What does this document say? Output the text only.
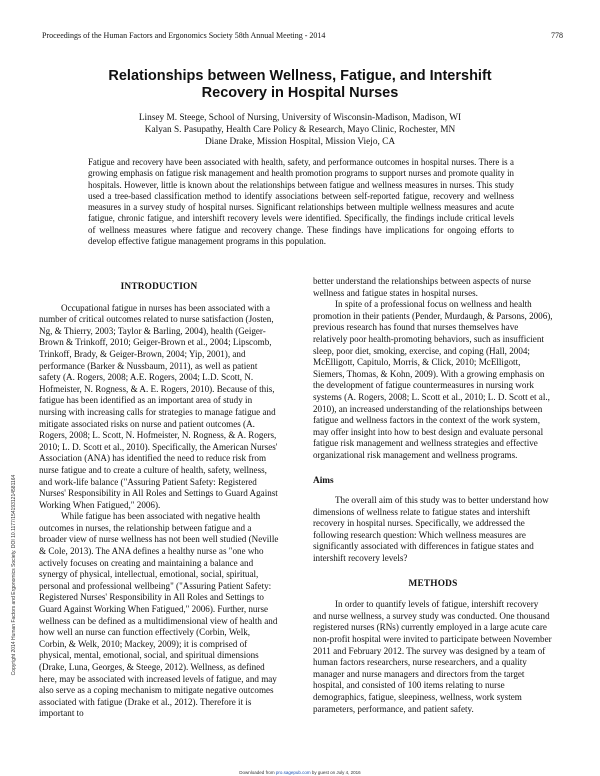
Proceedings of the Human Factors and Ergonomics Society 58th Annual Meeting - 2014	778
Relationships between Wellness, Fatigue, and Intershift
Recovery in Hospital Nurses
Linsey M. Steege, School of Nursing, University of Wisconsin-Madison, Madison, WI
Kalyan S. Pasupathy, Health Care Policy & Research, Mayo Clinic, Rochester, MN
Diane Drake, Mission Hospital, Mission Viejo, CA

Fatigue and recovery have been associated with health, safety, and performance outcomes in hospital nurses. There is a growing emphasis on fatigue risk management and health promotion programs to support nurses and promote quality in hospitals. However, little is known about the relationships between fatigue and wellness measures in nurses. This study used a tree-based classification method to identify associations between self-reported fatigue, recovery and wellness measures in a survey study of hospital nurses. Significant relationships between multiple wellness measures and acute fatigue, chronic fatigue, and intershift recovery levels were identified. Specifically, the findings include critical levels of wellness measures where fatigue and recovery change. These findings have implications for ongoing efforts to develop effective fatigue management programs in this population.

Copyright 2014 Human Factors and Ergonomics Society. DOI 10.1177/1541931214581164
INTRODUCTION

Occupational fatigue in nurses has been associated with a number of critical outcomes related to nurse satisfaction (Josten, Ng, & Thierry, 2003; Taylor & Barling, 2004), health (Geiger-Brown & Trinkoff, 2010; Geiger-Brown et al., 2004; Lipscomb, Trinkoff, Brady, & Geiger-Brown, 2004; Yip, 2001), and performance (Barker & Nussbaum, 2011), as well as patient safety (A. Rogers, 2008; A.E. Rogers, 2004; L.D. Scott, N. Hofmeister, N. Rogness, & A. E. Rogers, 2010). Because of this, fatigue has been identified as an important area of study in nursing with increasing calls for strategies to manage fatigue and mitigate associated risks on nurse and patient outcomes (A. Rogers, 2008; L. Scott, N. Hofmeister, N. Rogness, & A. Rogers, 2010; L. D. Scott et al., 2010). Specifically, the American Nurses' Association (ANA) has identified the need to reduce risk from nurse fatigue and to create a culture of health, safety, wellness, and work-life balance ("Assuring Patient Safety: Registered Nurses' Responsibility in All Roles and Settings to Guard Against Working When Fatigued," 2006).

While fatigue has been associated with negative health outcomes in nurses, the relationship between fatigue and a broader view of nurse wellness has not been well studied (Neville & Cole, 2013). The ANA defines a healthy nurse as "one who actively focuses on creating and maintaining a balance and synergy of physical, intellectual, emotional, social, spiritual, personal and professional wellbeing" ("Assuring Patient Safety: Registered Nurses' Responsibility in All Roles and Settings to Guard Against Working When Fatigued," 2006). Further, nurse wellness can be defined as a multidimensional view of health and how well an nurse can function effectively (Corbin, Welk, Corbin, & Welk, 2010; Mackey, 2009); it is comprised of physical, mental, emotional, social, and spiritual dimensions (Drake, Luna, Georges, & Steege, 2012). Wellness, as defined here, may be associated with increased levels of fatigue, and may also serve as a coping mechanism to mitigate negative outcomes associated with fatigue (Drake et al., 2012). Therefore it is important to

better understand the relationships between aspects of nurse wellness and fatigue states in hospital nurses.

In spite of a professional focus on wellness and health promotion in their patients (Pender, Murdaugh, & Parsons, 2006), previous research has found that nurses themselves have relatively poor health-promoting behaviors, such as insufficient sleep, poor diet, smoking, exercise, and coping (Hall, 2004; McElligott, Capitulo, Morris, & Click, 2010; McElligott, Siemers, Thomas, & Kohn, 2009). With a growing emphasis on the development of fatigue countermeasures in nursing work systems (A. Rogers, 2008; L. Scott et al., 2010; L. D. Scott et al., 2010), an increased understanding of the relationships between fatigue and wellness factors in the context of the work system, may offer insight into how to best design and evaluate personal fatigue risk management and wellness strategies and effective organizational risk management and wellness programs.

Aims

The overall aim of this study was to better understand how dimensions of wellness relate to fatigue states and intershift recovery in hospital nurses. Specifically, we addressed the following research question: Which wellness measures are significantly associated with differences in fatigue states and intershift recovery levels?

METHODS

In order to quantify levels of fatigue, intershift recovery and nurse wellness, a survey study was conducted. One thousand registered nurses (RNs) currently employed in a large acute care non-profit hospital were invited to participate between November 2011 and February 2012. The survey was designed by a team of human factors researchers, nurse researchers, and a quality manager and nurse managers and directors from the target hospital, and consisted of 100 items relating to nurse demographics, fatigue, sleepiness, wellness, work system parameters, performance, and patient safety.

Downloaded from pro.sagepub.com by guest on July 4, 2016
